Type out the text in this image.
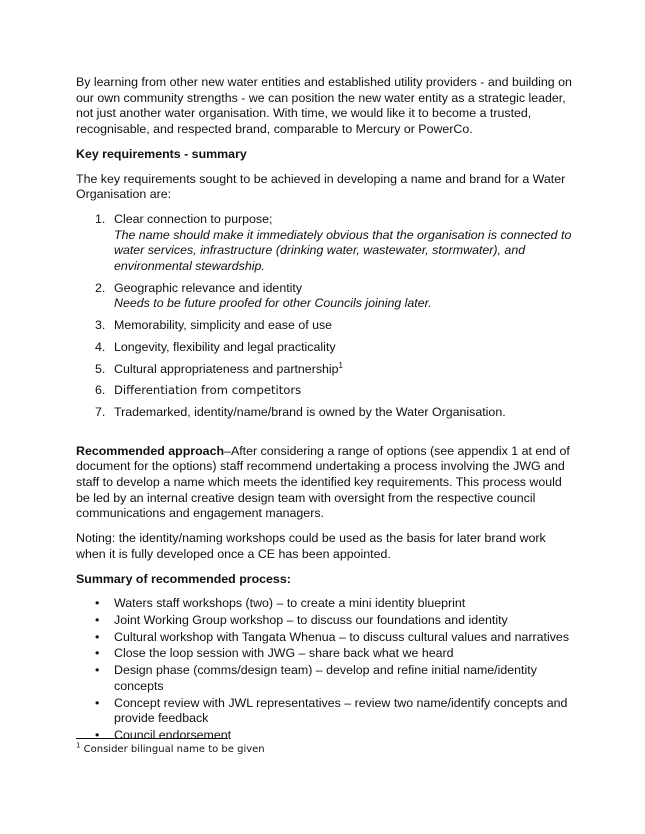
By learning from other new water entities and established utility providers - and building on our own community strengths - we can position the new water entity as a strategic leader, not just another water organisation. With time, we would like it to become a trusted, recognisable, and respected brand, comparable to Mercury or PowerCo.

Key requirements - summary

The key requirements sought to be achieved in developing a name and brand for a Water Organisation are:

1. Clear connection to purpose;
The name should make it immediately obvious that the organisation is connected to water services, infrastructure (drinking water, wastewater, stormwater), and environmental stewardship.
2. Geographic relevance and identity
Needs to be future proofed for other Councils joining later.
3. Memorability, simplicity and ease of use
4. Longevity, flexibility and legal practicality
5. Cultural appropriateness and partnership$^1$
6. Differentiation from competitors
7. Trademarked, identity/name/brand is owned by the Water Organisation.

Recommended approach–After considering a range of options (see appendix 1 at end of document for the options) staff recommend undertaking a process involving the JWG and staff to develop a name which meets the identified key requirements. This process would be led by an internal creative design team with oversight from the respective council communications and engagement managers.

Noting: the identity/naming workshops could be used as the basis for later brand work when it is fully developed once a CE has been appointed.

Summary of recommended process:

• Waters staff workshops (two) – to create a mini identity blueprint
• Joint Working Group workshop – to discuss our foundations and identity
• Cultural workshop with Tangata Whenua – to discuss cultural values and narratives
• Close the loop session with JWG – share back what we heard
• Design phase (comms/design team) – develop and refine initial name/identity concepts
• Concept review with JWL representatives – review two name/identify concepts and provide feedback
• Council endorsement
$^1$ Consider bilingual name to be given
